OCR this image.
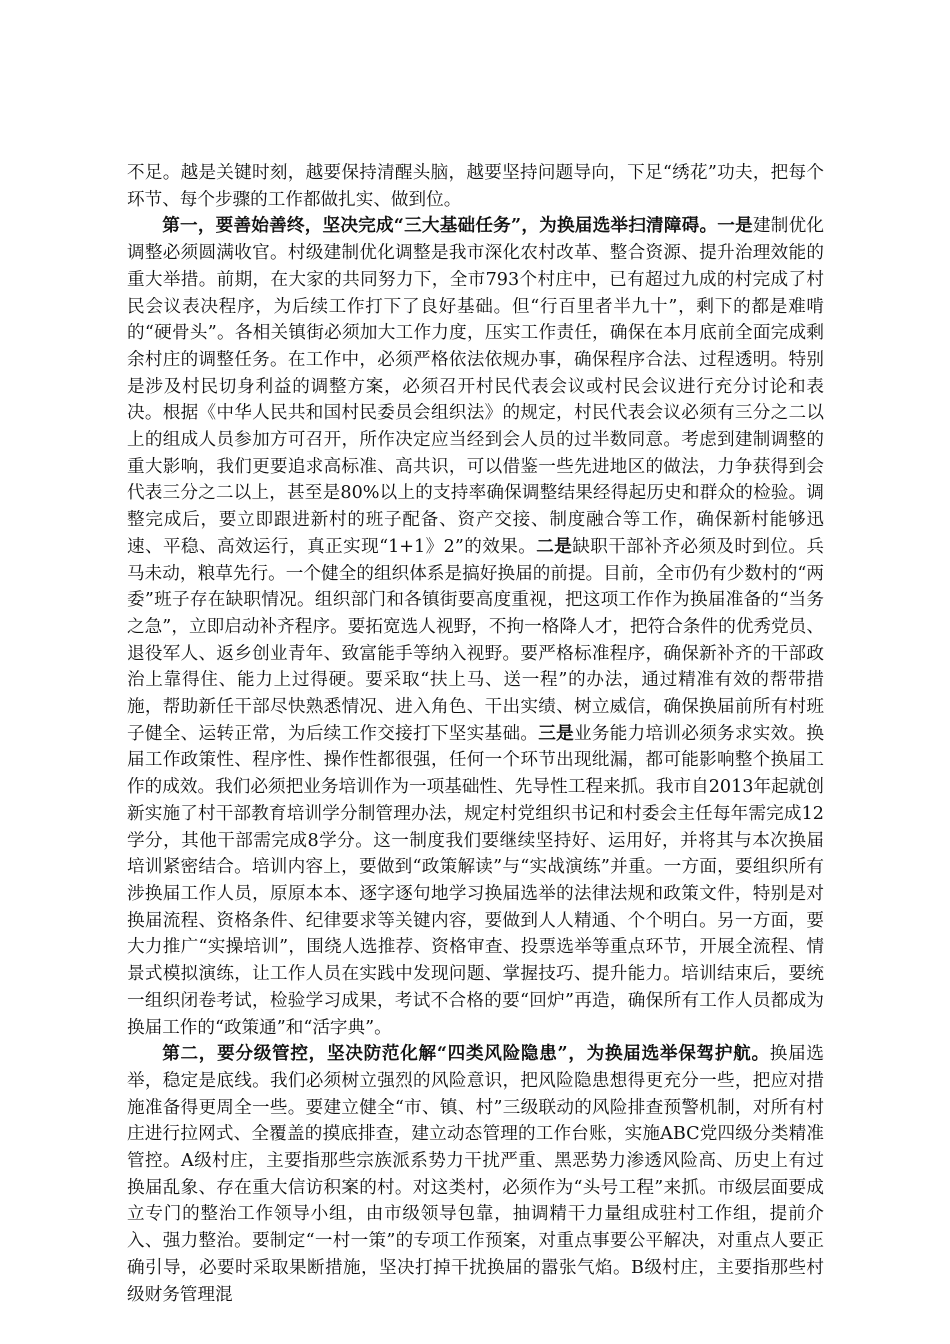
不足。越是关键时刻，越要保持清醒头脑，越要坚持问题导向，下足“绣花”功夫，把每个环节、每个步骤的工作都做扎实、做到位。

第一，要善始善终，坚决完成“三大基础任务”，为换届选举扫清障碍。一是建制优化调整必须圆满收官。村级建制优化调整是我市深化农村改革、整合资源、提升治理效能的重大举措。前期，在大家的共同努力下，全市793个村庄中，已有超过九成的村完成了村民会议表决程序，为后续工作打下了良好基础。但“行百里者半九十”，剩下的都是难啃的“硬骨头”。各相关镇街必须加大工作力度，压实工作责任，确保在本月底前全面完成剩余村庄的调整任务。在工作中，必须严格依法依规办事，确保程序合法、过程透明。特别是涉及村民切身利益的调整方案，必须召开村民代表会议或村民会议进行充分讨论和表决。根据《中华人民共和国村民委员会组织法》的规定，村民代表会议必须有三分之二以上的组成人员参加方可召开，所作决定应当经到会人员的过半数同意。考虑到建制调整的重大影响，我们更要追求高标准、高共识，可以借鉴一些先进地区的做法，力争获得到会代表三分之二以上，甚至是80%以上的支持率确保调整结果经得起历史和群众的检验。调整完成后，要立即跟进新村的班子配备、资产交接、制度融合等工作，确保新村能够迅速、平稳、高效运行，真正实现“1+1》2”的效果。二是缺职干部补齐必须及时到位。兵马未动，粮草先行。一个健全的组织体系是搞好换届的前提。目前，全市仍有少数村的“两委”班子存在缺职情况。组织部门和各镇街要高度重视，把这项工作作为换届准备的“当务之急”，立即启动补齐程序。要拓宽选人视野，不拘一格降人才，把符合条件的优秀党员、退役军人、返乡创业青年、致富能手等纳入视野。要严格标准程序，确保新补齐的干部政治上靠得住、能力上过得硬。要采取“扶上马、送一程”的办法，通过精准有效的帮带措施，帮助新任干部尽快熟悉情况、进入角色、干出实绩、树立威信，确保换届前所有村班子健全、运转正常，为后续工作交接打下坚实基础。三是业务能力培训必须务求实效。换届工作政策性、程序性、操作性都很强，任何一个环节出现纰漏，都可能影响整个换届工作的成效。我们必须把业务培训作为一项基础性、先导性工程来抓。我市自2013年起就创新实施了村干部教育培训学分制管理办法，规定村党组织书记和村委会主任每年需完成12学分，其他干部需完成8学分。这一制度我们要继续坚持好、运用好，并将其与本次换届培训紧密结合。培训内容上，要做到“政策解读”与“实战演练”并重。一方面，要组织所有涉换届工作人员，原原本本、逐字逐句地学习换届选举的法律法规和政策文件，特别是对换届流程、资格条件、纪律要求等关键内容，要做到人人精通、个个明白。另一方面，要大力推广“实操培训”，围绕人选推荐、资格审查、投票选举等重点环节，开展全流程、情景式模拟演练，让工作人员在实践中发现问题、掌握技巧、提升能力。培训结束后，要统一组织闭卷考试，检验学习成果，考试不合格的要“回炉”再造，确保所有工作人员都成为换届工作的“政策通”和“活字典”。

第二，要分级管控，坚决防范化解“四类风险隐患”，为换届选举保驾护航。换届选举，稳定是底线。我们必须树立强烈的风险意识，把风险隐患想得更充分一些，把应对措施准备得更周全一些。要建立健全“市、镇、村”三级联动的风险排查预警机制，对所有村庄进行拉网式、全覆盖的摸底排查，建立动态管理的工作台账，实施ABC党四级分类精准管控。A级村庄，主要指那些宗族派系势力干扰严重、黑恶势力渗透风险高、历史上有过换届乱象、存在重大信访积案的村。对这类村，必须作为“头号工程”来抓。市级层面要成立专门的整治工作领导小组，由市级领导包靠，抽调精干力量组成驻村工作组，提前介入、强力整治。要制定“一村一策”的专项工作预案，对重点事要公平解决，对重点人要正确引导，必要时采取果断措施，坚决打掉干扰换届的嚣张气焰。B级村庄，主要指那些村级财务管理混
